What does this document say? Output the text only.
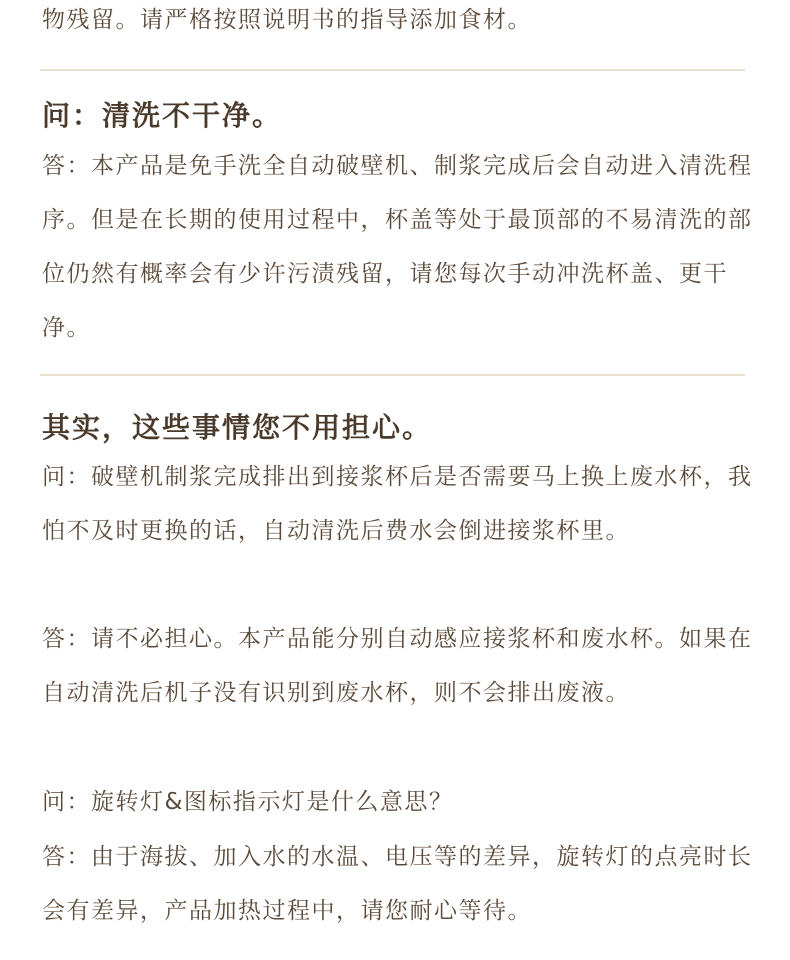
物残留。请严格按照说明书的指导添加食材。

问：清洗不干净。

答：本产品是免手洗全自动破壁机、制浆完成后会自动进入清洗程序。但是在长期的使用过程中，杯盖等处于最顶部的不易清洗的部位仍然有概率会有少许污渍残留，请您每次手动冲洗杯盖、更干净。

其实，这些事情您不用担心。

问：破壁机制浆完成排出到接浆杯后是否需要马上换上废水杯，我怕不及时更换的话，自动清洗后费水会倒进接浆杯里。

答：请不必担心。本产品能分别自动感应接浆杯和废水杯。如果在自动清洗后机子没有识别到废水杯，则不会排出废液。

问：旋转灯&图标指示灯是什么意思？

答：由于海拔、加入水的水温、电压等的差异，旋转灯的点亮时长会有差异，产品加热过程中，请您耐心等待。
